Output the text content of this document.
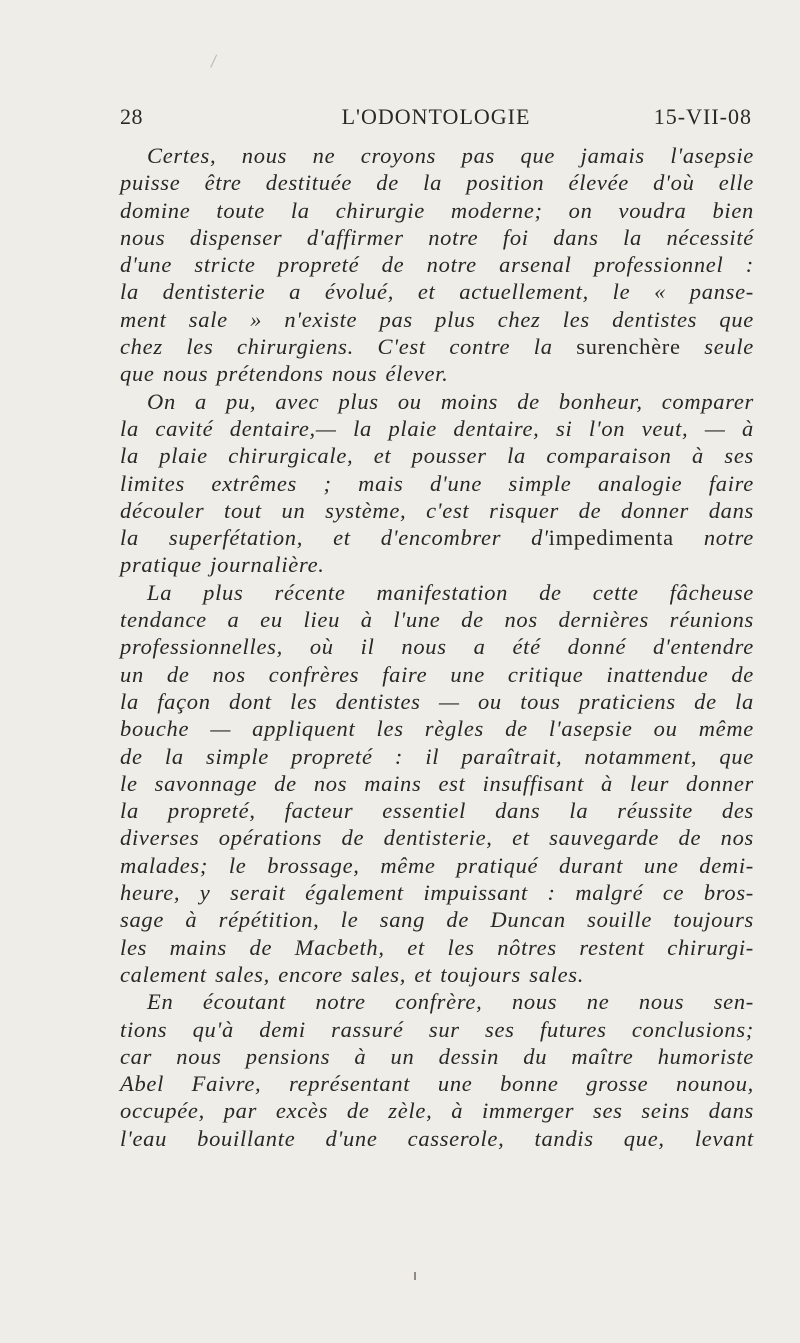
28	L'ODONTOLOGIE	15-VII-08
Certes, nous ne croyons pas que jamais l'asepsie
puisse être destituée de la position élevée d'où elle
domine toute la chirurgie moderne; on voudra bien
nous dispenser d'affirmer notre foi dans la nécessité
d'une stricte propreté de notre arsenal professionnel :
la dentisterie a évolué, et actuellement, le « panse-
ment sale » n'existe pas plus chez les dentistes que
chez les chirurgiens. C'est contre la surenchère seule
que nous prétendons nous élever.
On a pu, avec plus ou moins de bonheur, comparer
la cavité dentaire,— la plaie dentaire, si l'on veut, — à
la plaie chirurgicale, et pousser la comparaison à ses
limites extrêmes ; mais d'une simple analogie faire
découler tout un système, c'est risquer de donner dans
la superfétation, et d'encombrer d'impedimenta notre
pratique journalière.
La plus récente manifestation de cette fâcheuse
tendance a eu lieu à l'une de nos dernières réunions
professionnelles, où il nous a été donné d'entendre
un de nos confrères faire une critique inattendue de
la façon dont les dentistes — ou tous praticiens de la
bouche — appliquent les règles de l'asepsie ou même
de la simple propreté : il paraîtrait, notamment, que
le savonnage de nos mains est insuffisant à leur donner
la propreté, facteur essentiel dans la réussite des
diverses opérations de dentisterie, et sauvegarde de nos
malades; le brossage, même pratiqué durant une demi-
heure, y serait également impuissant : malgré ce bros-
sage à répétition, le sang de Duncan souille toujours
les mains de Macbeth, et les nôtres restent chirurgi-
calement sales, encore sales, et toujours sales.
En écoutant notre confrère, nous ne nous sen-
tions qu'à demi rassuré sur ses futures conclusions;
car nous pensions à un dessin du maître humoriste
Abel Faivre, représentant une bonne grosse nounou,
occupée, par excès de zèle, à immerger ses seins dans
l'eau bouillante d'une casserole, tandis que, levant
